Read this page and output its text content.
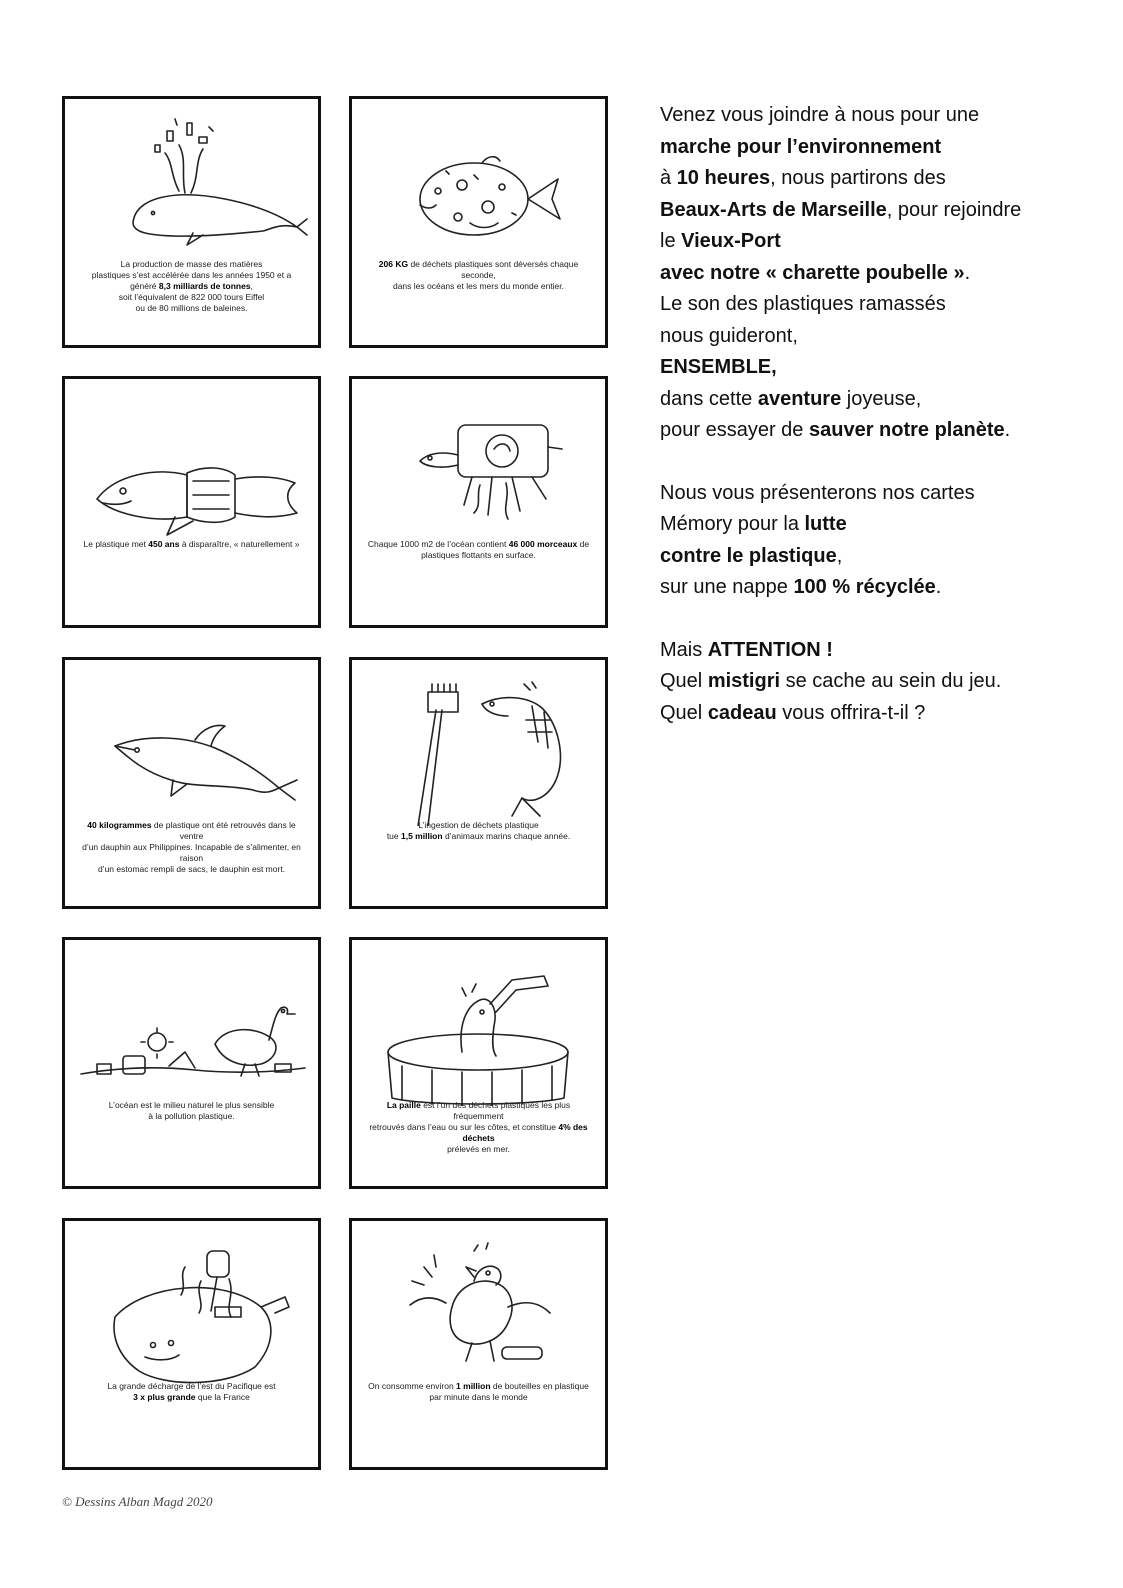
La production de masse des matières
plastiques s’est accélérée dans les années 1950 et a
généré 8,3 milliards de tonnes,
soit l’équivalent de 822 000 tours Eiffel
ou de 80 millions de baleines.
206 KG de déchets plastiques sont déversés chaque seconde,
dans les océans et les mers du monde entier.
Le plastique met 450 ans à disparaître, « naturellement »	Chaque 1000 m2 de l’océan contient 46 000 morceaux de
plastiques flottants en surface.
40 kilogrammes de plastique ont été retrouvés dans le ventre
d’un dauphin aux Philippines. Incapable de s’alimenter, en raison
d’un estomac rempli de sacs, le dauphin est mort.
L’ingestion de déchets plastique
tue 1,5 million d’animaux marins chaque année.
L’océan est le milieu naturel le plus sensible
à la pollution plastique.
La paille est l’un des déchets plastiques les plus fréquemment
retrouvés dans l’eau ou sur les côtes, et constitue 4% des déchets
prélevés en mer.
La grande décharge de l’est du Pacifique est
3 x plus grande que la France
On consomme environ 1 million de bouteilles en plastique par minute dans le monde

Venez vous joindre à nous pour une
marche pour l’environnement
à 10 heures, nous partirons des
Beaux-Arts de Marseille, pour rejoindre
le Vieux-Port
avec notre « charette poubelle ».
Le son des plastiques ramassés
nous guideront,
ENSEMBLE,
dans cette aventure joyeuse,
pour essayer de sauver notre planète.

Nous vous présenterons nos cartes
Mémory pour la lutte
contre le plastique,
sur une nappe 100 % récyclée.

Mais ATTENTION !
Quel mistigri se cache au sein du jeu.
Quel cadeau vous offrira-t-il ?

© Dessins Alban Magd 2020
